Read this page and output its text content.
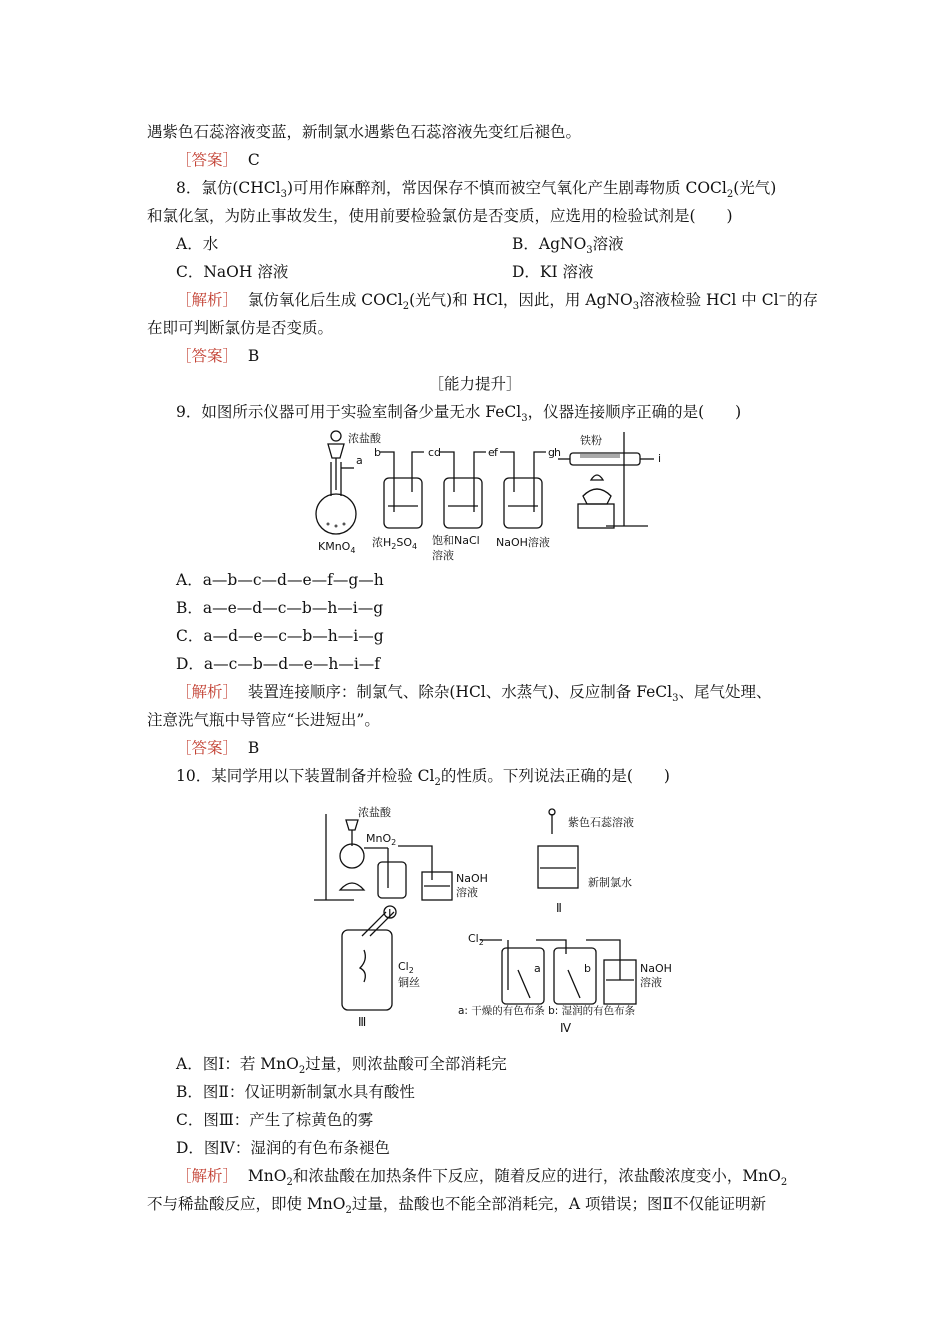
遇紫色石蕊溶液变蓝，新制氯水遇紫色石蕊溶液先变红后褪色。
［答案］ C
8．氯仿(CHCl$_3$)可用作麻醉剂，常因保存不慎而被空气氧化产生剧毒物质 COCl$_2$(光气)
和氯化氢，为防止事故发生，使用前要检验氯仿是否变质，应选用的检验试剂是(　　)
A．水	B．AgNO$_3$溶液
C．NaOH 溶液	D．KI 溶液
［解析］ 氯仿氧化后生成 COCl$_2$(光气)和 HCl，因此，用 AgNO$_3$溶液检验 HCl 中 Cl−的存
在即可判断氯仿是否变质。
［答案］ B
［能力提升］
9．如图所示仪器可用于实验室制备少量无水 FeCl$_3$，仪器连接顺序正确的是(　　)
浓盐酸
a
b	c d	e f	g h	i
铁粉
KMnO$_4$
浓$H_2SO_4$ 饱和NaCl
溶液
NaOH溶液
A．a—b—c—d—e—f—g—h
B．a—e—d—c—b—h—i—g
C．a—d—e—c—b—h—i—g
D．a—c—b—d—e—h—i—f
［解析］ 装置连接顺序：制氯气、除杂(HCl、水蒸气)、反应制备 FeCl$_3$、尾气处理、
注意洗气瓶中导管应“长进短出”。
［答案］ B
10．某同学用以下装置制备并检验 $Cl_2$的性质。下列说法正确的是(　　)
浓盐酸
MnO$_2$
NaOH
溶液
Ⅰ
紫色石蕊溶液
新制氯水
Ⅱ
$Cl_2$
铜丝
Ⅲ
$Cl_2$
a	b	NaOH
溶液
a: 干燥的有色布条 b: 湿润的有色布条
Ⅳ
A．图Ⅰ：若 MnO$_2$过量，则浓盐酸可全部消耗完
B．图Ⅱ：仅证明新制氯水具有酸性
C．图Ⅲ：产生了棕黄色的雾
D．图Ⅳ：湿润的有色布条褪色
［解析］ MnO$_2$和浓盐酸在加热条件下反应，随着反应的进行，浓盐酸浓度变小，MnO$_2$
不与稀盐酸反应，即使 MnO$_2$过量，盐酸也不能全部消耗完，A 项错误；图Ⅱ不仅能证明新
